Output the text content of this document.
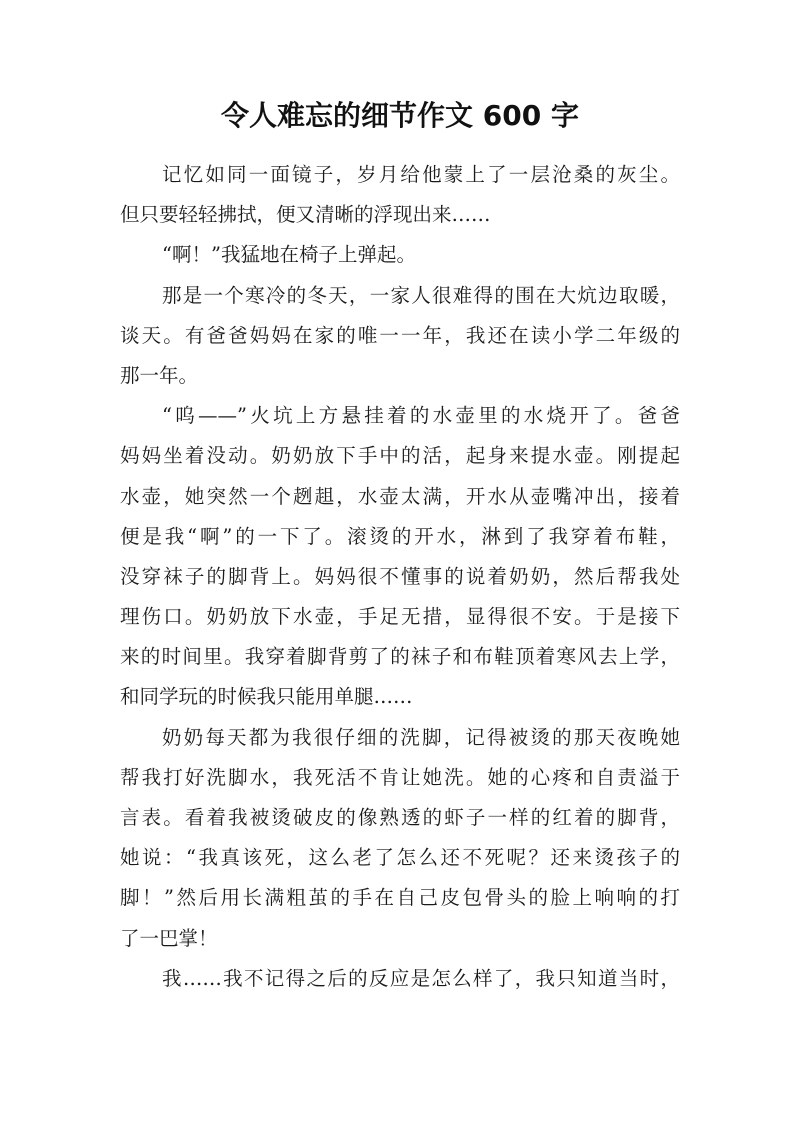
令人难忘的细节作文 600 字
记忆如同一面镜子，岁月给他蒙上了一层沧桑的灰尘。
但只要轻轻拂拭，便又清晰的浮现出来……
“啊！”我猛地在椅子上弹起。
那是一个寒冷的冬天，一家人很难得的围在大炕边取暖，
谈天。有爸爸妈妈在家的唯一一年，我还在读小学二年级的
那一年。
“呜——”火坑上方悬挂着的水壶里的水烧开了。爸爸
妈妈坐着没动。奶奶放下手中的活，起身来提水壶。刚提起
水壶，她突然一个趔趄，水壶太满，开水从壶嘴冲出，接着
便是我“啊”的一下了。滚烫的开水，淋到了我穿着布鞋，
没穿袜子的脚背上。妈妈很不懂事的说着奶奶，然后帮我处
理伤口。奶奶放下水壶，手足无措，显得很不安。于是接下
来的时间里。我穿着脚背剪了的袜子和布鞋顶着寒风去上学，
和同学玩的时候我只能用单腿……
奶奶每天都为我很仔细的洗脚，记得被烫的那天夜晚她
帮我打好洗脚水，我死活不肯让她洗。她的心疼和自责溢于
言表。看着我被烫破皮的像熟透的虾子一样的红着的脚背，
她说：“我真该死，这么老了怎么还不死呢？还来烫孩子的
脚！”然后用长满粗茧的手在自己皮包骨头的脸上响响的打
了一巴掌！
我……我不记得之后的反应是怎么样了，我只知道当时，
